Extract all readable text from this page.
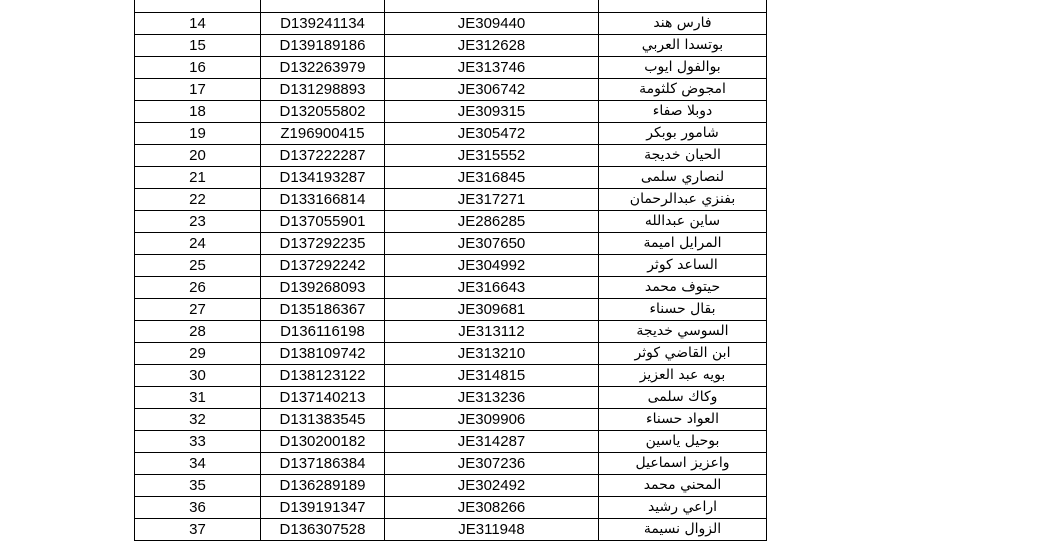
14	D139241134	JE309440	فارس هند
15	D139189186	JE312628	بوتسدا العربي
16	D132263979	JE313746	بوالفول ايوب
17	D131298893	JE306742	امجوض كلثومة
18	D132055802	JE309315	دوبلا صفاء
19	Z196900415	JE305472	شامور بوبكر
20	D137222287	JE315552	الحيان خديجة
21	D134193287	JE316845	لنصاري سلمى
22	D133166814	JE317271	بفنزي عبدالرحمان
23	D137055901	JE286285	ساين عبدالله
24	D137292235	JE307650	المرايل اميمة
25	D137292242	JE304992	الساعد كوثر
26	D139268093	JE316643	حيتوف محمد
27	D135186367	JE309681	بقال حسناء
28	D136116198	JE313112	السوسي خديجة
29	D138109742	JE313210	ابن القاضي كوثر
30	D138123122	JE314815	بويه عبد العزيز
31	D137140213	JE313236	وكاك سلمى
32	D131383545	JE309906	العواد حسناء
33	D130200182	JE314287	بوحيل ياسين
34	D137186384	JE307236	واعزيز اسماعيل
35	D136289189	JE302492	المحني محمد
36	D139191347	JE308266	اراعي رشيد
37	D136307528	JE311948	الزوال نسيمة
